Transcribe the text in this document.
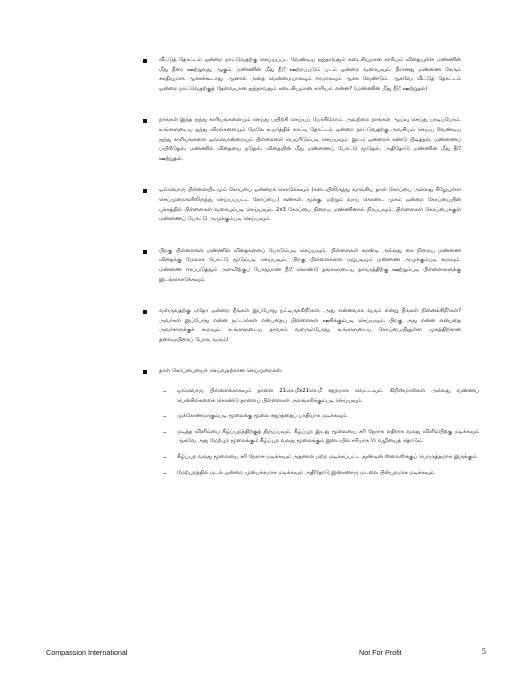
வீட்டுத் தோட்டம் ஒன்றை நாட்டுவதற்கு செய்யப்பட வேண்டிய ஐந்தாவதும் கடைசியுமான காரியம் விதையுள்ள மண்ணின் மீது நீரை ஊற்றுவது ஆகும். மண்ணின் மீது நீடூ ஊற்றப்படும் படம் ஒன்றை வரையவும். நீரானது மண்ணை சேரும் சகதியுமாக ஆக்கக்கூடாது, ஆனால் அதை மென்மையாகவும் ஈரமாகவும் ஆக்க வேண்டும். ஆகவே, வீட்டுத் தோட்டம் ஒன்றை நாட்டுவதற்குத் தேவையான ஐந்தாவதும் கடைசியுமான காரியம் என்ன? (மண்ணின் மீது நீடூ ஊற்றுதல்)

நாங்கள் இந்த ஐந்து காரியங்களையும் செய்து பயிற்சி செய்யப் போகிறோம். அவற்றை நாங்கள் ஆய்வு செய்து பாடிப்போம். உங்களுடைய ஐந்து விரல்களையும் மேலே உயர்த்திக் காட்டி தோட்டம் ஒன்றை நாட்டுவதற்கு அவசியம் செய்ய வேண்டிய ஐந்து காரியங்களை ஒவ்வொன்றையும் பிள்ளைகள் பெயரிடும்படி செய்யவும்: இடம் ஒன்றைக் கண்டு பிடித்தல், மண்ணைப் பயிரிடுதல், மண்ணில் விதையை நடுதல், விதையின் மீது மண்ணைப் போட்டு மூடுதல், அதிதோடு மண்ணின் மீது நீடூ ஊற்றுதல்.

ஒவ்வொரு பிள்ளையிடமும் கோப்பை ஒன்றைக் கொடுக்கவும் (கடையிலிருந்து வாங்கிய தாள் கோப்பை அல்லது கீழேயுள்ள செய்முறைகளிலிருந்து செய்யப்பட்ட கோப்பை.) கண்கள், மூக்கு, மற்றும் வாய் கொண்ட முகம் ஒன்றை கோப்பையின் பக்கத்தில் பிள்ளைகள் வரையும்படி செய்யவும். 2x3 கோப்பை நிறைய மண்ணினால் நிரப்பவும். பிள்ளைகள் கோப்பைக்குள் மண்ணைப் போட்டு அமுக்கும்படி செய்யவும்.

பிறகு பிள்ளைகள் மண்ணில் விதைகளைப் போடும்படி செய்யவும். பிள்ளைகள் கரண்டி அல்லது கை நிறைய மண்ணை விதைக்கு மேலாக போட்டு மூடும்படி செய்யவும். பிறகு பிள்ளைகளை மறுபடியும் மண்ணை அமுக்கும்படி கூறவும். மண்ணை ஈரப்படுத்தும் அளவிற்குப் போதுமான நீடூ கொண்டு தங்களுடைய தாவரத்திற்கு ஊற்றும்படி பிள்ளைகளுக்கு இடங்கொடுக்கவும்.

வளருவதற்கு ஏதோ ஒன்றை நீங்கள் இப்போது நட்டிருக்கிறீர்கள், அது என்னவாக வரும் என்று நீங்கள் நினைக்கிறீர்கள்? அவர்கள் இப்போது என்ன நட்டார்கள் என்பதைப் பிள்ளைகள் ஊகிக்கும்படி செய்யவும். பிறகு அது என்ன என்பதை அவர்களுக்குக் கூறவும். உங்களுடைய தாவரம் வளரும்போது, உங்களுடைய கோப்பையிலுள்ள முகத்திற்கான தலைமயிரைப் போல வரும்!

தாள் கோப்பையைச் செய்வதற்கான செய்முறைகள்:

– ஒவ்வொரு பிள்ளைக்காகவும் தாளை 21செ.மீx21செ.மீ சதுரமாக வெட்டவும். கிறிஸ்மாஸ்கள் அல்லது வண்ணப் பென்சில்களைக் கொண்டு தாளைப் பிள்ளைகள் அலங்கரிக்கும்படி செய்யவும்.
– முக்கோணமாகும்படி மூலைக்கு மூலை சதுரத்தைப் பாதியாக மடிக்கவும்.
– மடித்த விளிம்பை கீழ்ப்புறத்திற்குத் திருப்பவும். கீழ்ப்புற இடது மூலையை சரி நேராக எதிராக வலது விளிம்பிற்கு மடிக்கவும் ஆகவே அது மேற்புற மூலைக்கும் கீழ்ப்புற வலது மூலைக்கும் இடையில் சரியாக ½ வழியைத் தொடும்.
– கீழ்ப்புற வலது மூலையை சரி நேராக மடிக்கவும் அதனால் மற்ற மடிக்கப்பட்ட துண்டின் ஸ்லைஸ்க்குப் பொருத்தமாக இருக்கும்.
– மேற்புறத்தில் மடல் ஒன்றை முன்பக்கமாக மடிக்கவும் அதிதோடு இன்னொரு மடலை பின்புறமாக மடிக்கவும்.
Compassion International	Not For Profit	5
